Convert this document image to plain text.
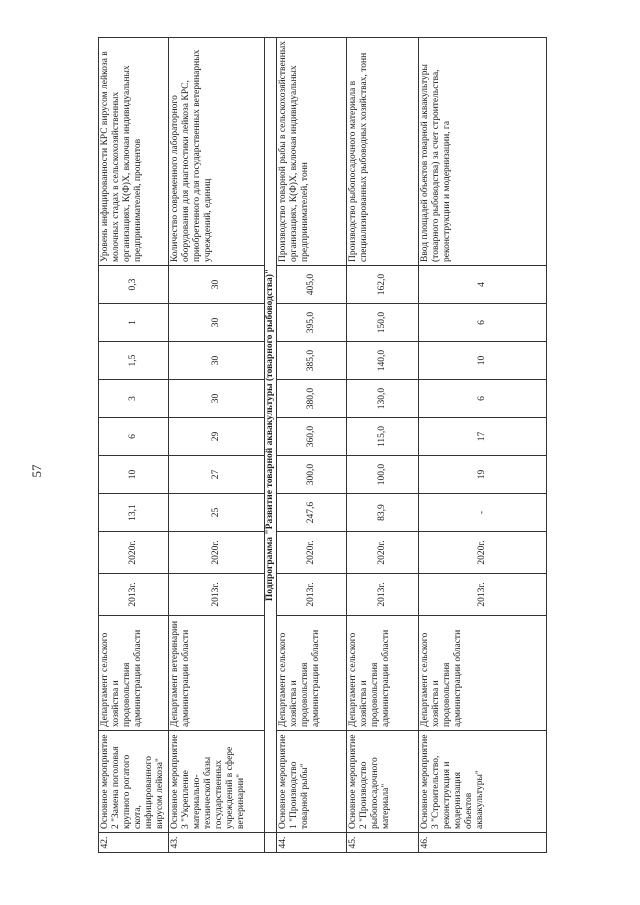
57
42.	Основное мероприятие 2 "Замена поголовья крупного рогатого скота, инфицированного вирусом лейкоза"	Департамент сельского хозяйства и продовольствия администрации области	2013г.	2020г.	13,1	10	6	3	1,5	1	0,3	Уровень инфицированности КРС вирусом лейкоза в молочных стадах в сельскохозяйственных организациях, К(Ф)Х, включая индивидуальных предпринимателей, процентов
43.	Основное мероприятие 3 "Укрепление материально-технической базы государственных учреждений в сфере ветеринарии"	Департамент ветеринарии администрации области	2013г.	2020г.	25	27	29	30	30	30	30	Количество современного лабораторного оборудования для диагностики лейкоза КРС, приобретенного для государственных ветеринарных учреждений, единиц
	Подпрограмма "Развитие товарной аквакультуры (товарного рыбоводства)"											
44.	Основное мероприятие 1 "Производство товарной рыбы"	Департамент сельского хозяйства и продовольствия администрации области	2013г.	2020г.	247,6	300,0	360,0	380,0	385,0	395,0	405,0	Производство товарной рыбы в сельскохозяйственных организациях, К(Ф)Х, включая индивидуальных предпринимателей, тонн
45.	Основное мероприятие 2 "Производство рыбопосадочного материала"	Департамент сельского хозяйства и продовольствия администрации области	2013г.	2020г.	83,9	100,0	115,0	130,0	140,0	150,0	162,0	Производство рыбопосадочного материала в специализированных рыбоводных хозяйствах, тонн
46.	Основное мероприятие 3 "Строительство, реконструкция и модернизация объектов аквакультуры"	Департамент сельского хозяйства и продовольствия администрации области	2013г.	2020г.	-	19	17	6	10	6	4	Ввод площадей объектов товарной аквакультуры (товарного рыбоводства) за счет строительства, реконструкции и модернизации, га
